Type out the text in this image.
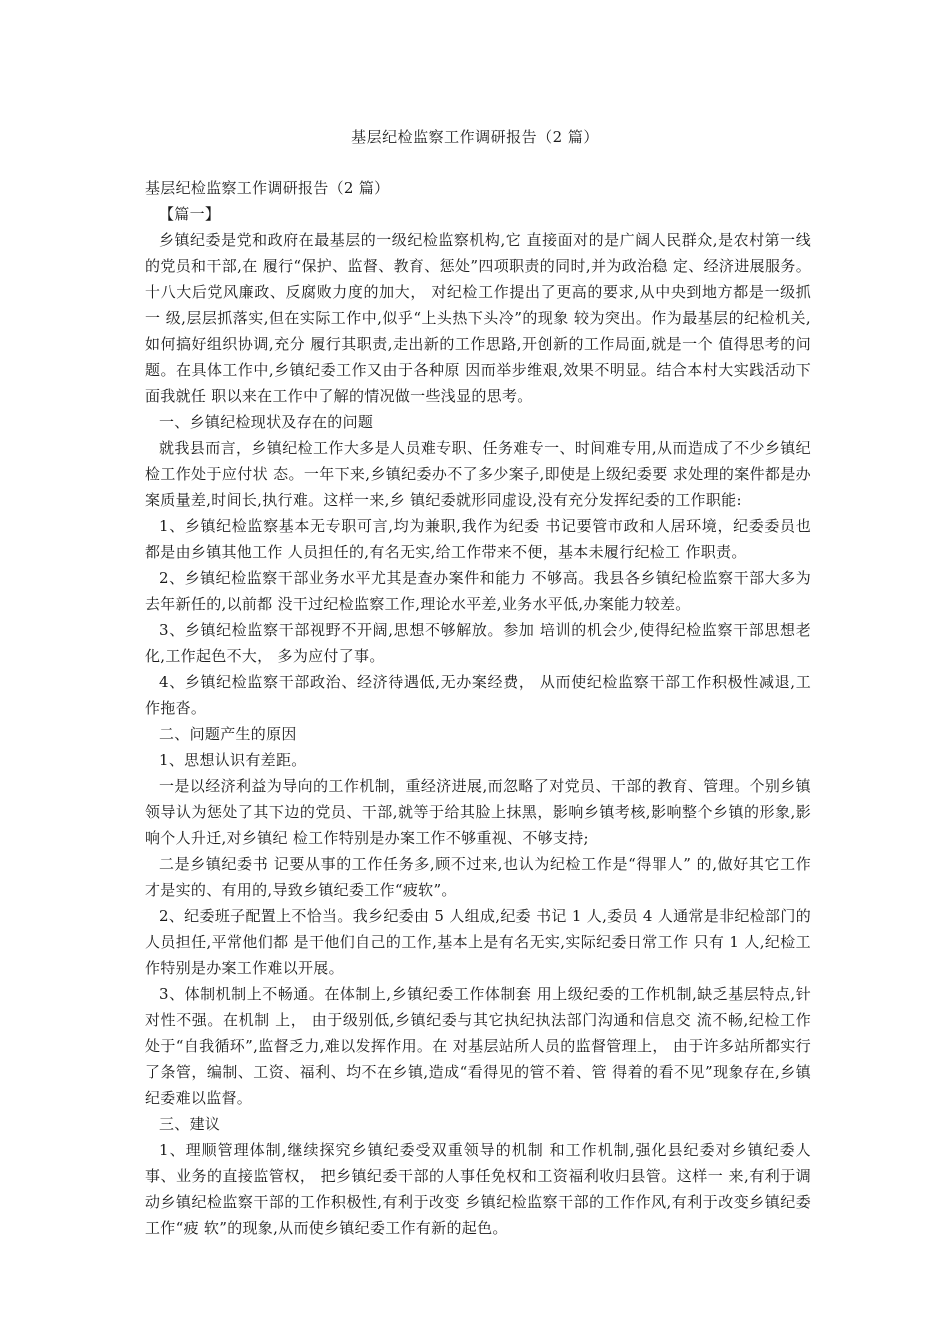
基层纪检监察工作调研报告（2 篇）

基层纪检监察工作调研报告（2 篇）

【篇一】

乡镇纪委是党和政府在最基层的一级纪检监察机构,它 直接面对的是广阔人民群众,是农村第一线的党员和干部,在 履行“保护、监督、教育、惩处”四项职责的同时,并为政治稳 定、经济进展服务。十八大后党风廉政、反腐败力度的加大， 对纪检工作提出了更高的要求,从中央到地方都是一级抓一 级,层层抓落实,但在实际工作中,似乎“上头热下头冷”的现象 较为突出。作为最基层的纪检机关,如何搞好组织协调,充分 履行其职责,走出新的工作思路,开创新的工作局面,就是一个 值得思考的问题。在具体工作中,乡镇纪委工作又由于各种原 因而举步维艰,效果不明显。结合本村大实践活动下面我就任 职以来在工作中了解的情况做一些浅显的思考。

一、乡镇纪检现状及存在的问题

就我县而言，乡镇纪检工作大多是人员难专职、任务难专一、时间难专用,从而造成了不少乡镇纪检工作处于应付状 态。一年下来,乡镇纪委办不了多少案子,即使是上级纪委要 求处理的案件都是办案质量差,时间长,执行难。这样一来,乡 镇纪委就形同虚设,没有充分发挥纪委的工作职能:

1、乡镇纪检监察基本无专职可言,均为兼职,我作为纪委 书记要管市政和人居环境，纪委委员也都是由乡镇其他工作 人员担任的,有名无实,给工作带来不便，基本未履行纪检工 作职责。

2、乡镇纪检监察干部业务水平尤其是查办案件和能力 不够高。我县各乡镇纪检监察干部大多为去年新任的,以前都 没干过纪检监察工作,理论水平差,业务水平低,办案能力较差。

3、乡镇纪检监察干部视野不开阔,思想不够解放。参加 培训的机会少,使得纪检监察干部思想老化,工作起色不大， 多为应付了事。

4、乡镇纪检监察干部政治、经济待遇低,无办案经费， 从而使纪检监察干部工作积极性减退,工作拖沓。

二、问题产生的原因

1、思想认识有差距。

一是以经济利益为导向的工作机制，重经济进展,而忽略了对党员、干部的教育、管理。个别乡镇 领导认为惩处了其下边的党员、干部,就等于给其脸上抹黑，影响乡镇考核,影响整个乡镇的形象,影响个人升迁,对乡镇纪 检工作特别是办案工作不够重视、不够支持;

二是乡镇纪委书 记要从事的工作任务多,顾不过来,也认为纪检工作是“得罪人” 的,做好其它工作才是实的、有用的,导致乡镇纪委工作“疲软”。

2、纪委班子配置上不恰当。我乡纪委由 5 人组成,纪委 书记 1 人,委员 4 人通常是非纪检部门的人员担任,平常他们都 是干他们自己的工作,基本上是有名无实,实际纪委日常工作 只有 1 人,纪检工作特别是办案工作难以开展。

3、体制机制上不畅通。在体制上,乡镇纪委工作体制套 用上级纪委的工作机制,缺乏基层特点,针对性不强。在机制 上， 由于级别低,乡镇纪委与其它执纪执法部门沟通和信息交 流不畅,纪检工作处于“自我循环”,监督乏力,难以发挥作用。在 对基层站所人员的监督管理上， 由于许多站所都实行了条管，编制、工资、福利、均不在乡镇,造成“看得见的管不着、管 得着的看不见”现象存在,乡镇纪委难以监督。

三、建议

1、理顺管理体制,继续探究乡镇纪委受双重领导的机制 和工作机制,强化县纪委对乡镇纪委人事、业务的直接监管权， 把乡镇纪委干部的人事任免权和工资福利收归县管。这样一 来,有利于调动乡镇纪检监察干部的工作积极性,有利于改变 乡镇纪检监察干部的工作作风,有利于改变乡镇纪委工作“疲 软”的现象,从而使乡镇纪委工作有新的起色。
